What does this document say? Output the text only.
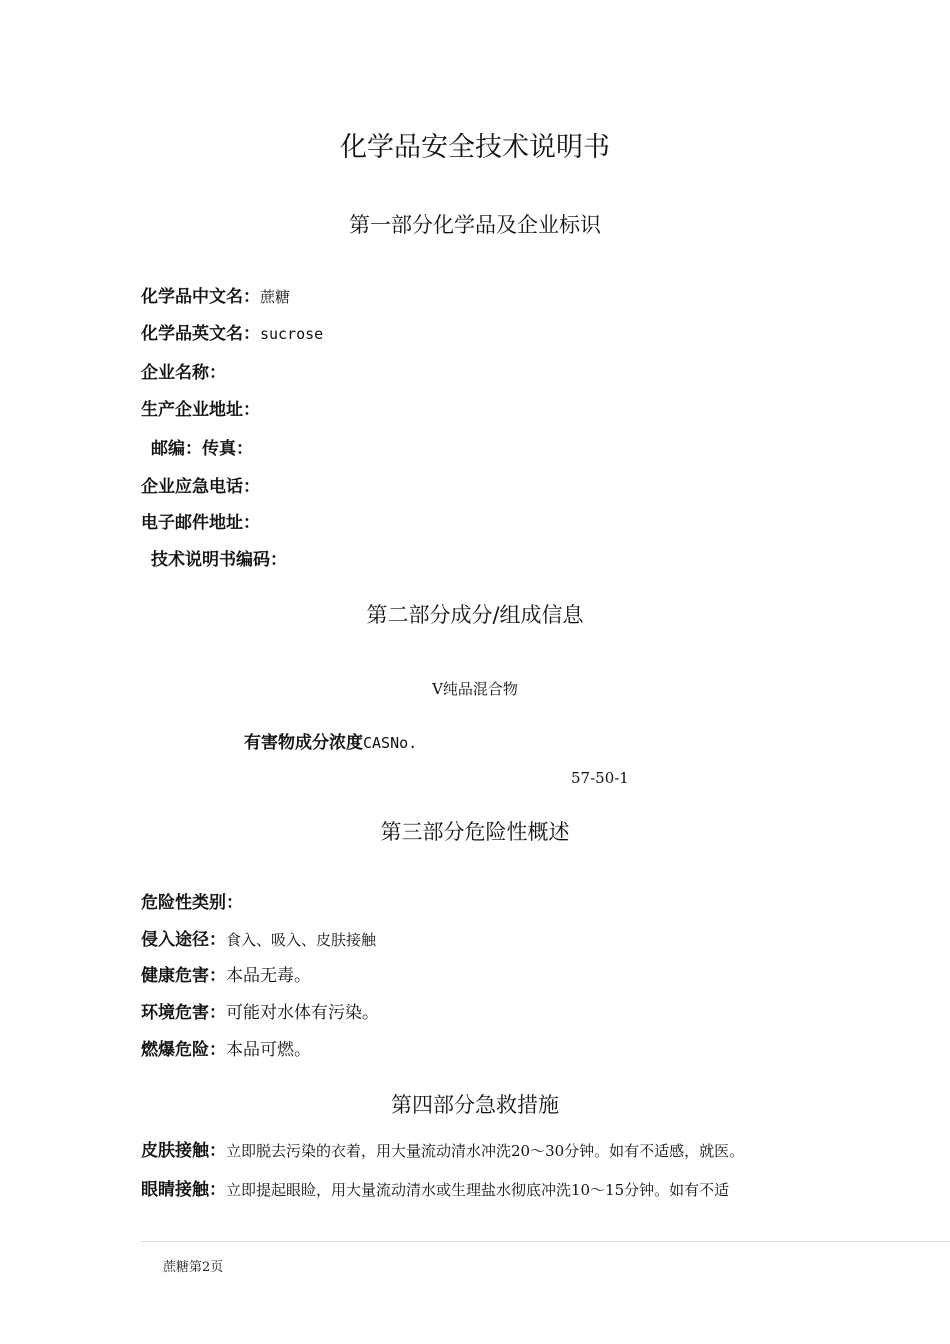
化学品安全技术说明书
第一部分化学品及企业标识
化学品中文名：蔗糖
化学品英文名：sucrose
企业名称：
生产企业地址：
邮编：传真：
企业应急电话：
电子邮件地址：
技术说明书编码：
第二部分成分/组成信息
V纯品混合物
有害物成分浓度CASNo.
57-50-1
第三部分危险性概述
危险性类别：
侵入途径：食入、吸入、皮肤接触
健康危害：本品无毒。
环境危害：可能对水体有污染。
燃爆危险：本品可燃。
第四部分急救措施
皮肤接触：立即脱去污染的衣着，用大量流动清水冲洗20〜30分钟。如有不适感，就医。
眼睛接触：立即提起眼睑，用大量流动清水或生理盐水彻底冲洗10〜15分钟。如有不适
蔗糖第2页
